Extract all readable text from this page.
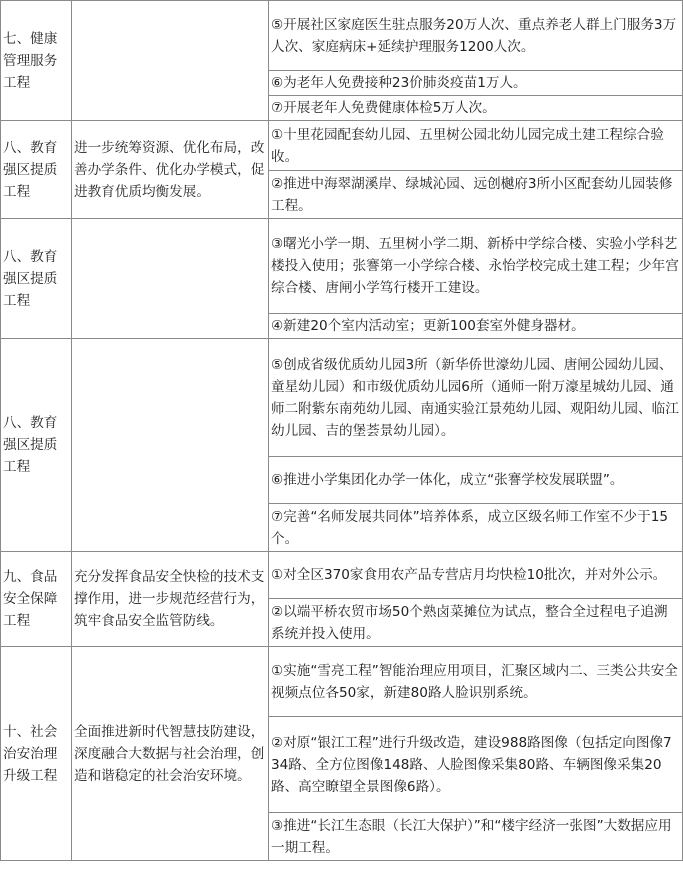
七、健康管理服务工程		⑤开展社区家庭医生驻点服务20万人次、重点养老人群上门服务3万人次、家庭病床+延续护理服务1200人次。
		⑥为老年人免费接种23价肺炎疫苗1万人。
		⑦开展老年人免费健康体检5万人次。
八、教育强区提质工程	进一步统筹资源、优化布局，改善办学条件、优化办学模式，促进教育优质均衡发展。	①十里花园配套幼儿园、五里树公园北幼儿园完成土建工程综合验收。
		②推进中海翠湖溪岸、绿城沁园、远创樾府3所小区配套幼儿园装修工程。
八、教育强区提质工程		③曙光小学一期、五里树小学二期、新桥中学综合楼、实验小学科艺楼投入使用；张謇第一小学综合楼、永怡学校完成土建工程；少年宫综合楼、唐闸小学笃行楼开工建设。
		④新建20个室内活动室；更新100套室外健身器材。
八、教育强区提质工程		⑤创成省级优质幼儿园3所（新华侨世濠幼儿园、唐闸公园幼儿园、童星幼儿园）和市级优质幼儿园6所（通师一附万濠星城幼儿园、通师二附紫东南苑幼儿园、南通实验江景苑幼儿园、观阳幼儿园、临江幼儿园、吉的堡荟景幼儿园）。
		⑥推进小学集团化办学一体化，成立“张謇学校发展联盟”。
		⑦完善“名师发展共同体”培养体系，成立区级名师工作室不少于15个。
九、食品安全保障工程	充分发挥食品安全快检的技术支撑作用，进一步规范经营行为，筑牢食品安全监管防线。	①对全区370家食用农产品专营店月均快检10批次，并对外公示。
		②以端平桥农贸市场50个熟卤菜摊位为试点，整合全过程电子追溯系统并投入使用。
十、社会治安治理升级工程	全面推进新时代智慧技防建设，深度融合大数据与社会治理，创造和谐稳定的社会治安环境。	①实施“雪亮工程”智能治理应用项目，汇聚区域内二、三类公共安全视频点位各50家，新建80路人脸识别系统。
		②对原“银江工程”进行升级改造，建设988路图像（包括定向图像734路、全方位图像148路、人脸图像采集80路、车辆图像采集20路、高空瞭望全景图像6路）。
		③推进“长江生态眼（长江大保护）”和“楼宇经济一张图”大数据应用一期工程。
